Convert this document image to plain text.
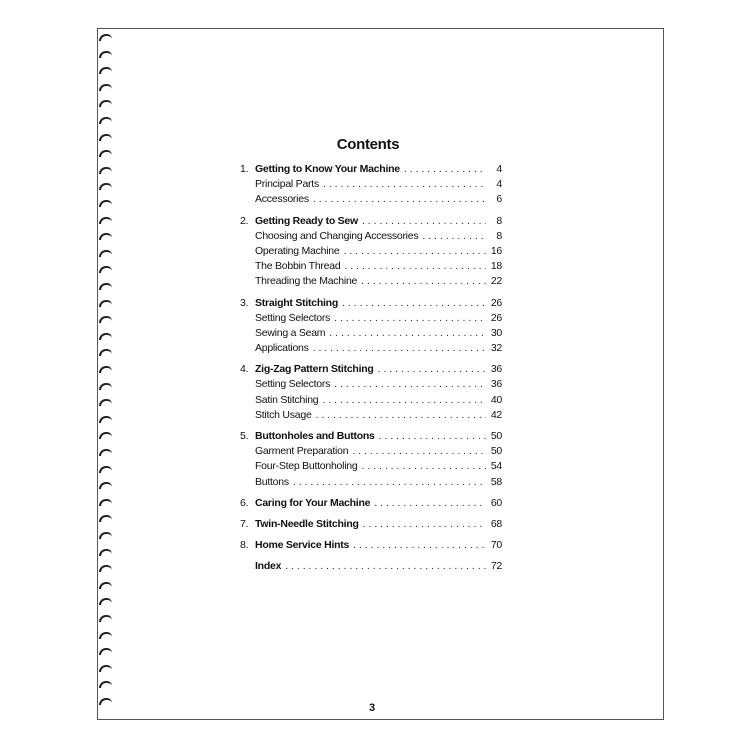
Contents
1. Getting to Know Your Machine . . .	4
Principal Parts . . .	4
Accessories . . .	6
2. Getting Ready to Sew . . .	8
Choosing and Changing Accessories . . .	8
Operating Machine . . .	16
The Bobbin Thread . . .	18
Threading the Machine . . .	22
3. Straight Stitching . . .	26
Setting Selectors . . .	26
Sewing a Seam . . .	30
Applications . . .	32
4. Zig-Zag Pattern Stitching . . .	36
Setting Selectors . . .	36
Satin Stitching . . .	40
Stitch Usage . . .	42
5. Buttonholes and Buttons . . .	50
Garment Preparation . . .	50
Four-Step Buttonholing . . .	54
Buttons . . .	58
6. Caring for Your Machine . . .	60
7. Twin-Needle Stitching . . .	68
8. Home Service Hints . . .	70
Index . . .	72
3
